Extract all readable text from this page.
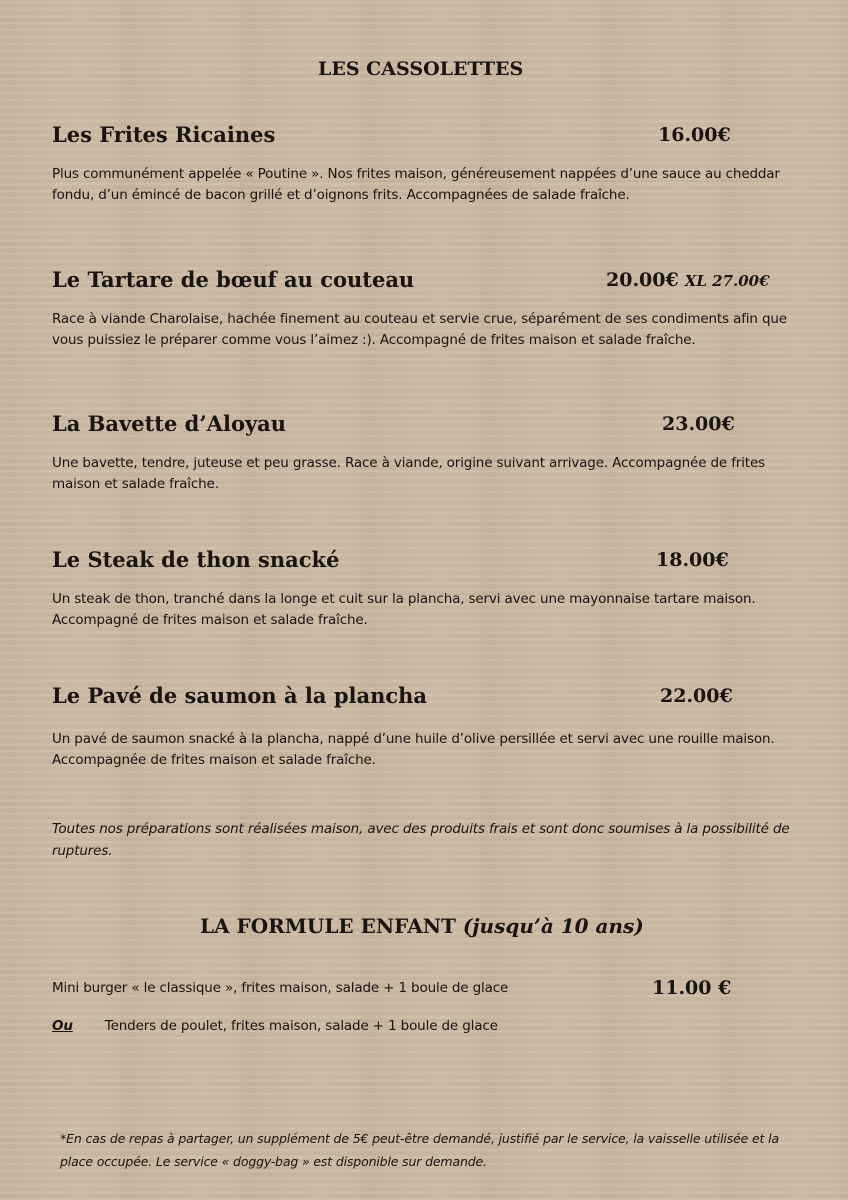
LES CASSOLETTES
Les Frites Ricaines	16.00€

Plus communément appelée « Poutine ». Nos frites maison, généreusement nappées d’une sauce au cheddar fondu, d’un émincé de bacon grillé et d’oignons frits. Accompagnées de salade fraîche.

Le Tartare de bœuf au couteau	20.00€ XL 27.00€

Race à viande Charolaise, hachée finement au couteau et servie crue, séparément de ses condiments afin que vous puissiez le préparer comme vous l’aimez :). Accompagné de frites maison et salade fraîche.

La Bavette d’Aloyau	23.00€

Une bavette, tendre, juteuse et peu grasse. Race à viande, origine suivant arrivage. Accompagnée de frites maison et salade fraîche.

Le Steak de thon snacké	18.00€

Un steak de thon, tranché dans la longe et cuit sur la plancha, servi avec une mayonnaise tartare maison. Accompagné de frites maison et salade fraîche.

Le Pavé de saumon à la plancha	22.00€

Un pavé de saumon snacké à la plancha, nappé d’une huile d’olive persillée et servi avec une rouille maison. Accompagnée de frites maison et salade fraîche.

Toutes nos préparations sont réalisées maison, avec des produits frais et sont donc soumises à la possibilité de ruptures.

LA FORMULE ENFANT (jusqu’à 10 ans)
Mini burger « le classique », frites maison, salade + 1 boule de glace	11.00 €
Ou Tenders de poulet, frites maison, salade + 1 boule de glace

*En cas de repas à partager, un supplément de 5€ peut-être demandé, justifié par le service, la vaisselle utilisée et la place occupée. Le service « doggy-bag » est disponible sur demande.
